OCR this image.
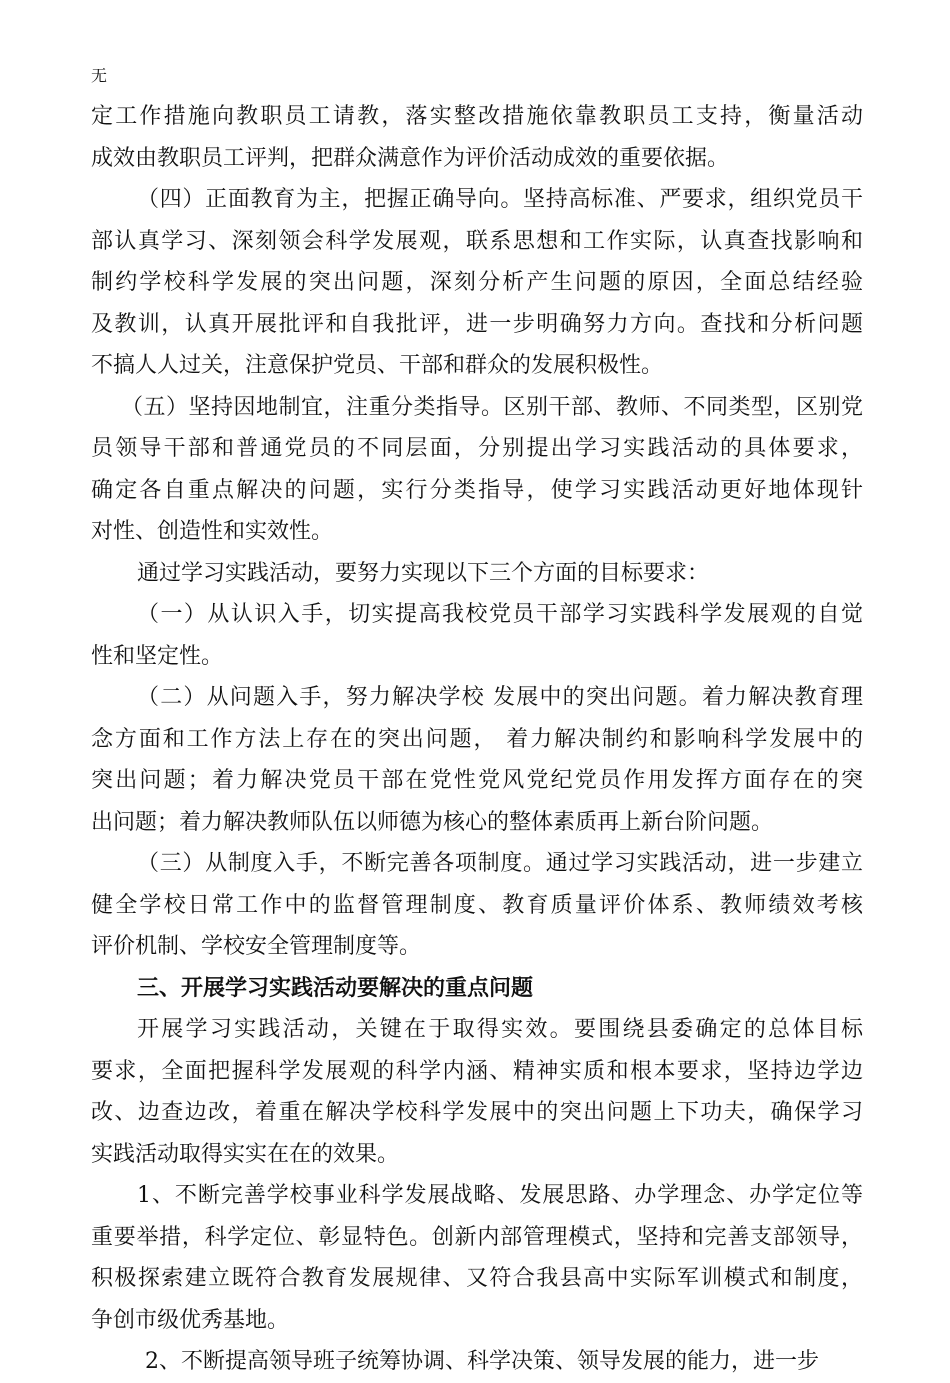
无
定工作措施向教职员工请教，落实整改措施依靠教职员工支持，衡量活动
成效由教职员工评判，把群众满意作为评价活动成效的重要依据。
（四）正面教育为主，把握正确导向。坚持高标准、严要求，组织党员干
部认真学习、深刻领会科学发展观，联系思想和工作实际，认真查找影响和
制约学校科学发展的突出问题，深刻分析产生问题的原因，全面总结经验
及教训，认真开展批评和自我批评，进一步明确努力方向。查找和分析问题
不搞人人过关，注意保护党员、干部和群众的发展积极性。
（五）坚持因地制宜，注重分类指导。区别干部、教师、不同类型，区别党
员领导干部和普通党员的不同层面，分别提出学习实践活动的具体要求，
确定各自重点解决的问题，实行分类指导，使学习实践活动更好地体现针
对性、创造性和实效性。
通过学习实践活动，要努力实现以下三个方面的目标要求：
（一）从认识入手，切实提高我校党员干部学习实践科学发展观的自觉
性和坚定性。
（二）从问题入手，努力解决学校 发展中的突出问题。着力解决教育理
念方面和工作方法上存在的突出问题， 着力解决制约和影响科学发展中的
突出问题；着力解决党员干部在党性党风党纪党员作用发挥方面存在的突
出问题；着力解决教师队伍以师德为核心的整体素质再上新台阶问题。
（三）从制度入手，不断完善各项制度。通过学习实践活动，进一步建立
健全学校日常工作中的监督管理制度、教育质量评价体系、教师绩效考核
评价机制、学校安全管理制度等。
三、开展学习实践活动要解决的重点问题
开展学习实践活动，关键在于取得实效。要围绕县委确定的总体目标
要求，全面把握科学发展观的科学内涵、精神实质和根本要求，坚持边学边
改、边查边改，着重在解决学校科学发展中的突出问题上下功夫，确保学习
实践活动取得实实在在的效果。
1、不断完善学校事业科学发展战略、发展思路、办学理念、办学定位等
重要举措，科学定位、彰显特色。创新内部管理模式，坚持和完善支部领导，
积极探索建立既符合教育发展规律、又符合我县高中实际军训模式和制度，
争创市级优秀基地。
2、不断提高领导班子统筹协调、科学决策、领导发展的能力，进一步
